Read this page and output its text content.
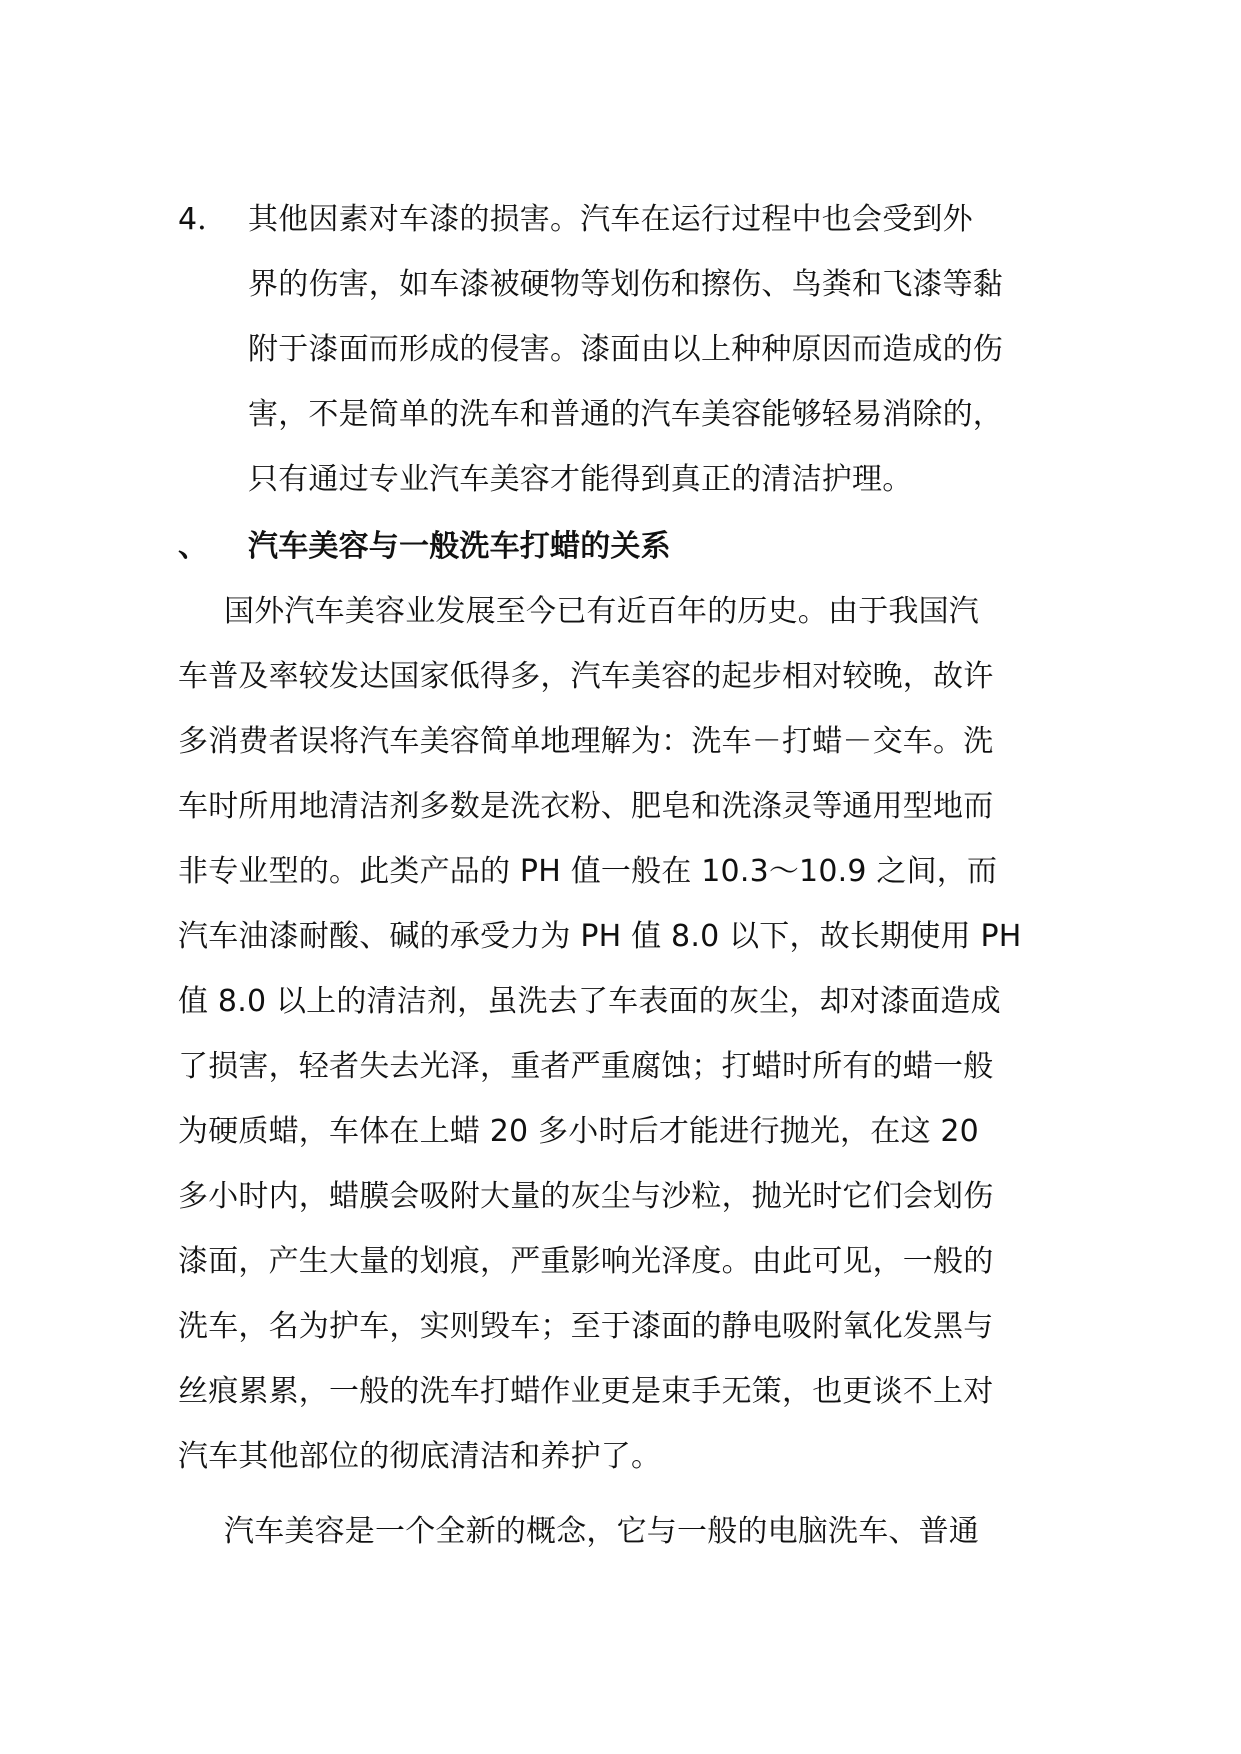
4． 其他因素对车漆的损害。汽车在运行过程中也会受到外
界的伤害，如车漆被硬物等划伤和擦伤、鸟粪和飞漆等黏
附于漆面而形成的侵害。漆面由以上种种原因而造成的伤
害，不是简单的洗车和普通的汽车美容能够轻易消除的，
只有通过专业汽车美容才能得到真正的清洁护理。
、 汽车美容与一般洗车打蜡的关系
国外汽车美容业发展至今已有近百年的历史。由于我国汽
车普及率较发达国家低得多，汽车美容的起步相对较晚，故许
多消费者误将汽车美容简单地理解为：洗车－打蜡－交车。洗
车时所用地清洁剂多数是洗衣粉、肥皂和洗涤灵等通用型地而
非专业型的。此类产品的 PH 值一般在 10.3～10.9 之间，而
汽车油漆耐酸、碱的承受力为 PH 值 8.0 以下，故长期使用 PH
值 8.0 以上的清洁剂，虽洗去了车表面的灰尘，却对漆面造成
了损害，轻者失去光泽，重者严重腐蚀；打蜡时所有的蜡一般
为硬质蜡，车体在上蜡 20 多小时后才能进行抛光，在这 20
多小时内，蜡膜会吸附大量的灰尘与沙粒，抛光时它们会划伤
漆面，产生大量的划痕，严重影响光泽度。由此可见，一般的
洗车，名为护车，实则毁车；至于漆面的静电吸附氧化发黑与
丝痕累累，一般的洗车打蜡作业更是束手无策，也更谈不上对
汽车其他部位的彻底清洁和养护了。
汽车美容是一个全新的概念，它与一般的电脑洗车、普通
